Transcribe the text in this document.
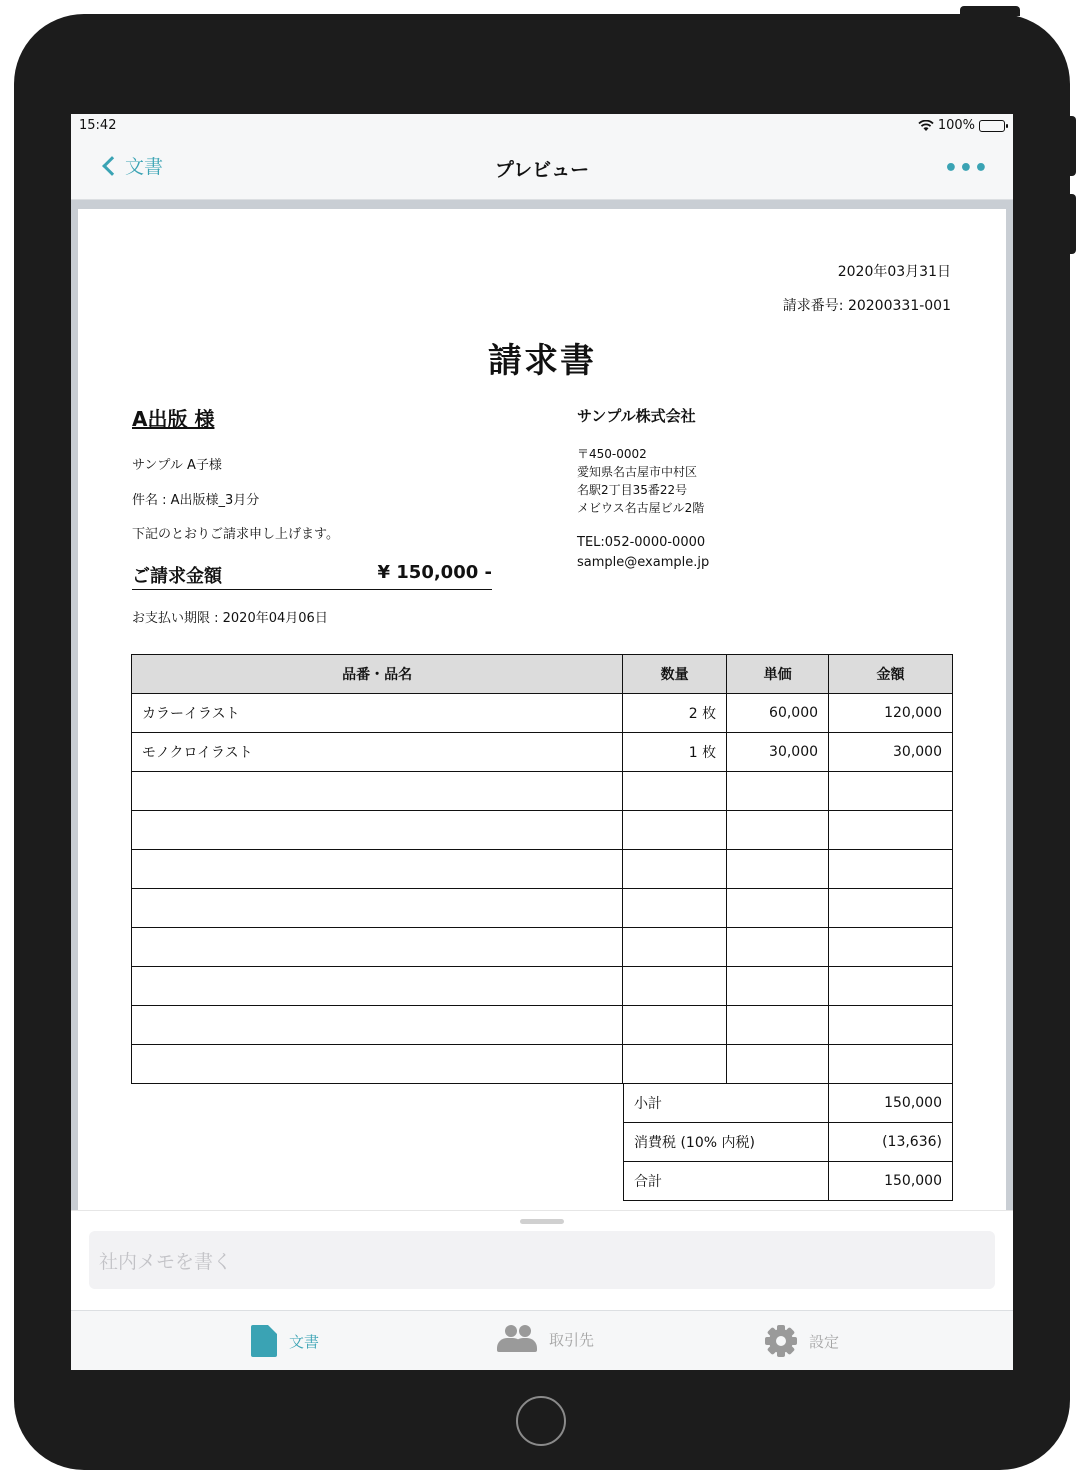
15:42	100%
文書	プレビュー	•••
2020年03月31日
請求番号: 20200331-001
請求書
A出版 様
サンプル A子様
件名 : A出版様_3月分
下記のとおりご請求申し上げます。
ご請求金額	¥ 150,000 -
お支払い期限 : 2020年04月06日
サンプル株式会社
〒450-0002
愛知県名古屋市中村区
名駅2丁目35番22号
メビウス名古屋ビル2階
TEL:052-0000-0000
sample@example.jp
品番・品名	数量	単価	金額
カラーイラスト	2 枚	60,000	120,000
モノクロイラスト	1 枚	30,000	30,000

小計	150,000
消費税 (10% 内税)	(13,636)
合計	150,000
社内メモを書く
文書	取引先	設定
